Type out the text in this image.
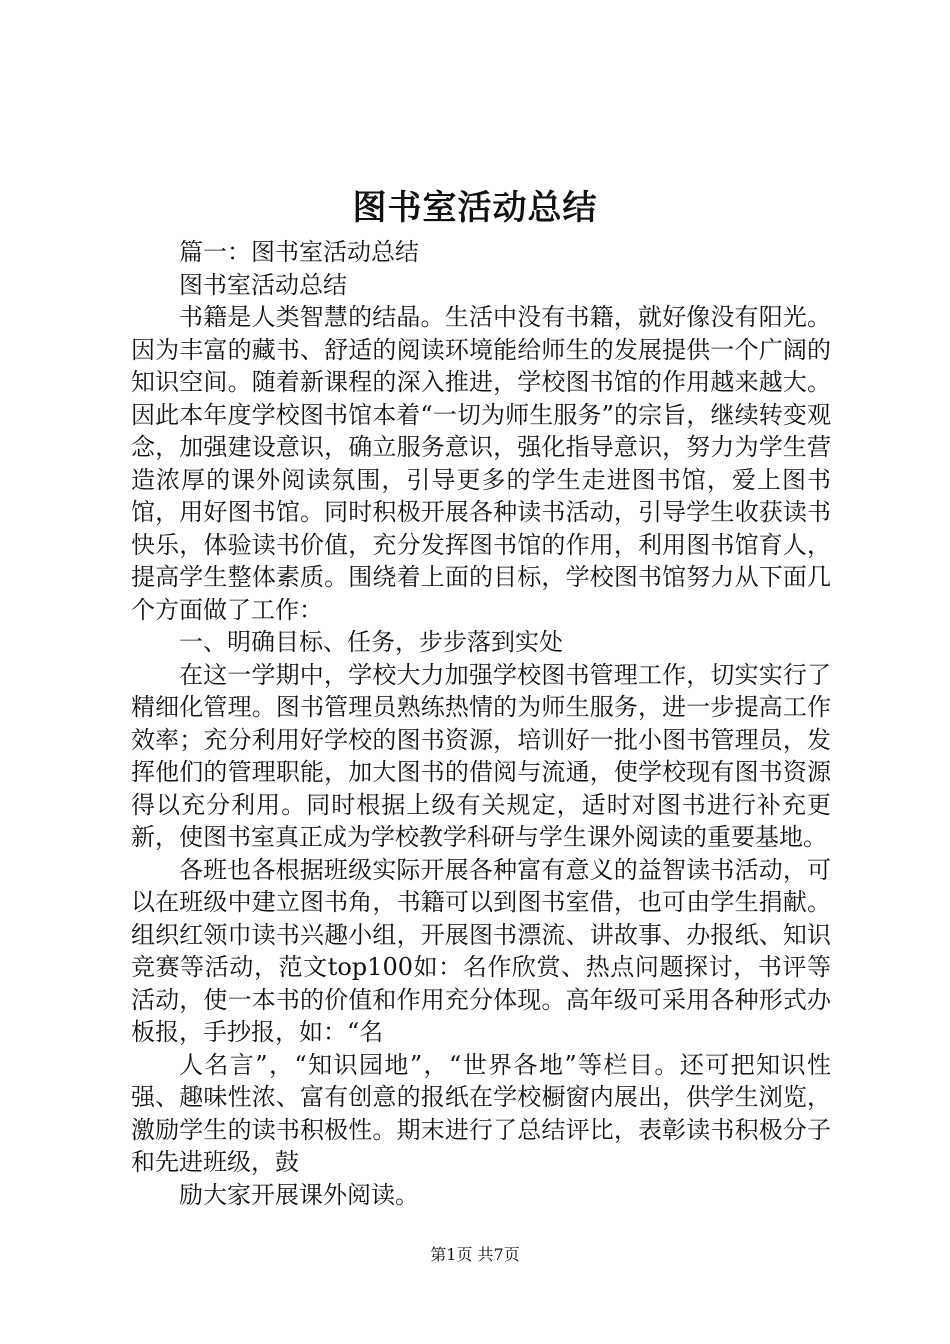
图书室活动总结

篇一：图书室活动总结

图书室活动总结

书籍是人类智慧的结晶。生活中没有书籍，就好像没有阳光。因为丰富的藏书、舒适的阅读环境能给师生的发展提供一个广阔的知识空间。随着新课程的深入推进，学校图书馆的作用越来越大。因此本年度学校图书馆本着“一切为师生服务”的宗旨，继续转变观念，加强建设意识，确立服务意识，强化指导意识，努力为学生营造浓厚的课外阅读氛围，引导更多的学生走进图书馆，爱上图书馆，用好图书馆。同时积极开展各种读书活动，引导学生收获读书快乐，体验读书价值，充分发挥图书馆的作用，利用图书馆育人，提高学生整体素质。围绕着上面的目标，学校图书馆努力从下面几个方面做了工作：

一、明确目标、任务，步步落到实处

在这一学期中，学校大力加强学校图书管理工作，切实实行了精细化管理。图书管理员熟练热情的为师生服务，进一步提高工作效率；充分利用好学校的图书资源，培训好一批小图书管理员，发挥他们的管理职能，加大图书的借阅与流通，使学校现有图书资源得以充分利用。同时根据上级有关规定，适时对图书进行补充更新，使图书室真正成为学校教学科研与学生课外阅读的重要基地。

各班也各根据班级实际开展各种富有意义的益智读书活动，可以在班级中建立图书角，书籍可以到图书室借，也可由学生捐献。组织红领巾读书兴趣小组，开展图书漂流、讲故事、办报纸、知识竞赛等活动，范文top100如：名作欣赏、热点问题探讨，书评等活动，使一本书的价值和作用充分体现。高年级可采用各种形式办板报，手抄报，如：“名

人名言”，“知识园地”，“世界各地”等栏目。还可把知识性强、趣味性浓、富有创意的报纸在学校橱窗内展出，供学生浏览，激励学生的读书积极性。期末进行了总结评比，表彰读书积极分子和先进班级，鼓

励大家开展课外阅读。

第1页 共7页
